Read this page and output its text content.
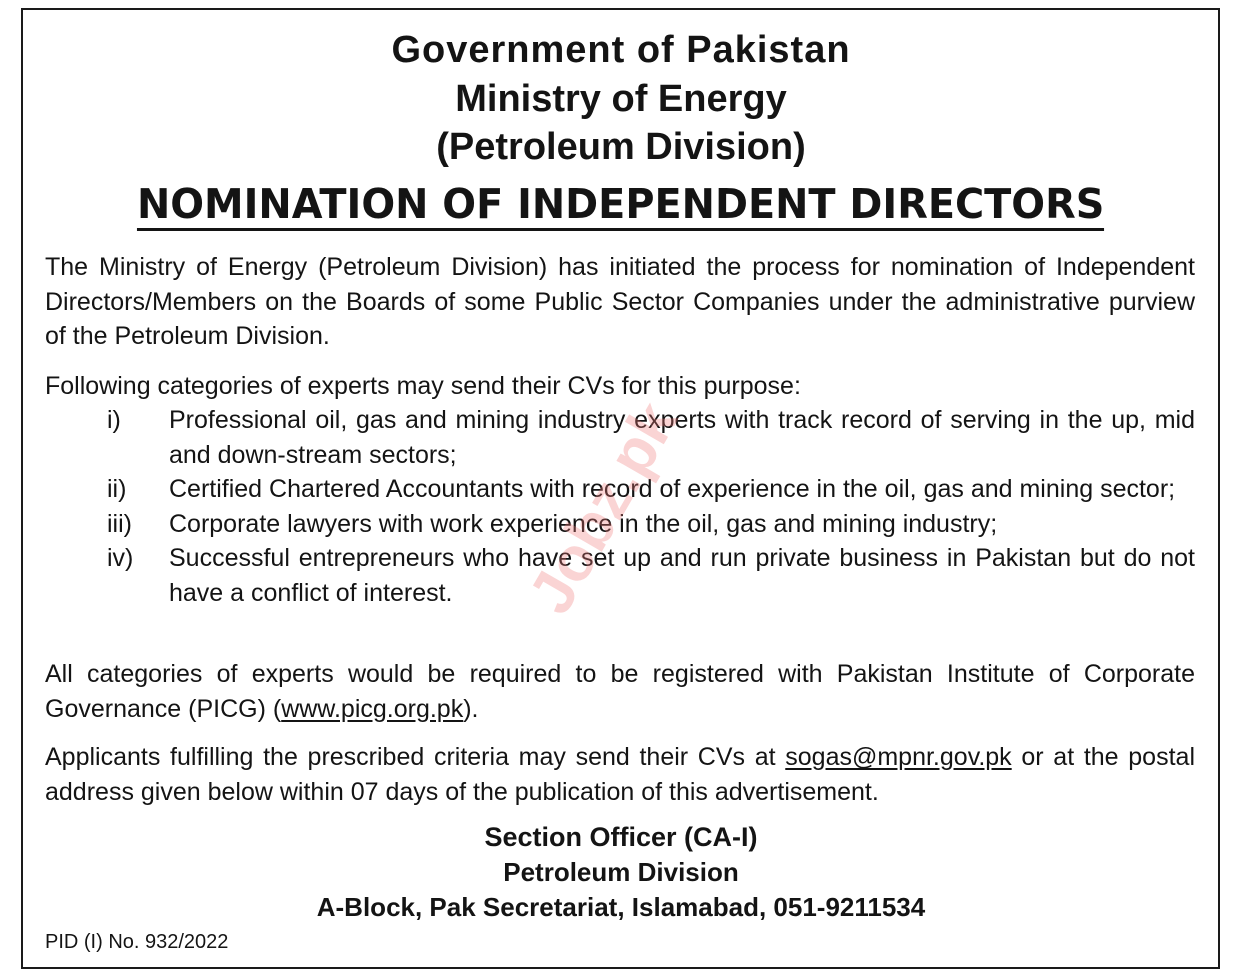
Government of Pakistan
Ministry of Energy
(Petroleum Division)
NOMINATION OF INDEPENDENT DIRECTORS
The Ministry of Energy (Petroleum Division) has initiated the process for nomination of Independent Directors/Members on the Boards of some Public Sector Companies under the administrative purview of the Petroleum Division.
Following categories of experts may send their CVs for this purpose:
i) Professional oil, gas and mining industry experts with track record of serving in the up, mid and down-stream sectors;
ii) Certified Chartered Accountants with record of experience in the oil, gas and mining sector;
iii) Corporate lawyers with work experience in the oil, gas and mining industry;
iv) Successful entrepreneurs who have set up and run private business in Pakistan but do not have a conflict of interest.
All categories of experts would be required to be registered with Pakistan Institute of Corporate Governance (PICG) (www.picg.org.pk).
Applicants fulfilling the prescribed criteria may send their CVs at sogas@mpnr.gov.pk or at the postal address given below within 07 days of the publication of this advertisement.
Section Officer (CA-I)
Petroleum Division
A-Block, Pak Secretariat, Islamabad, 051-9211534
PID (I) No. 932/2022
Jobz.pk
